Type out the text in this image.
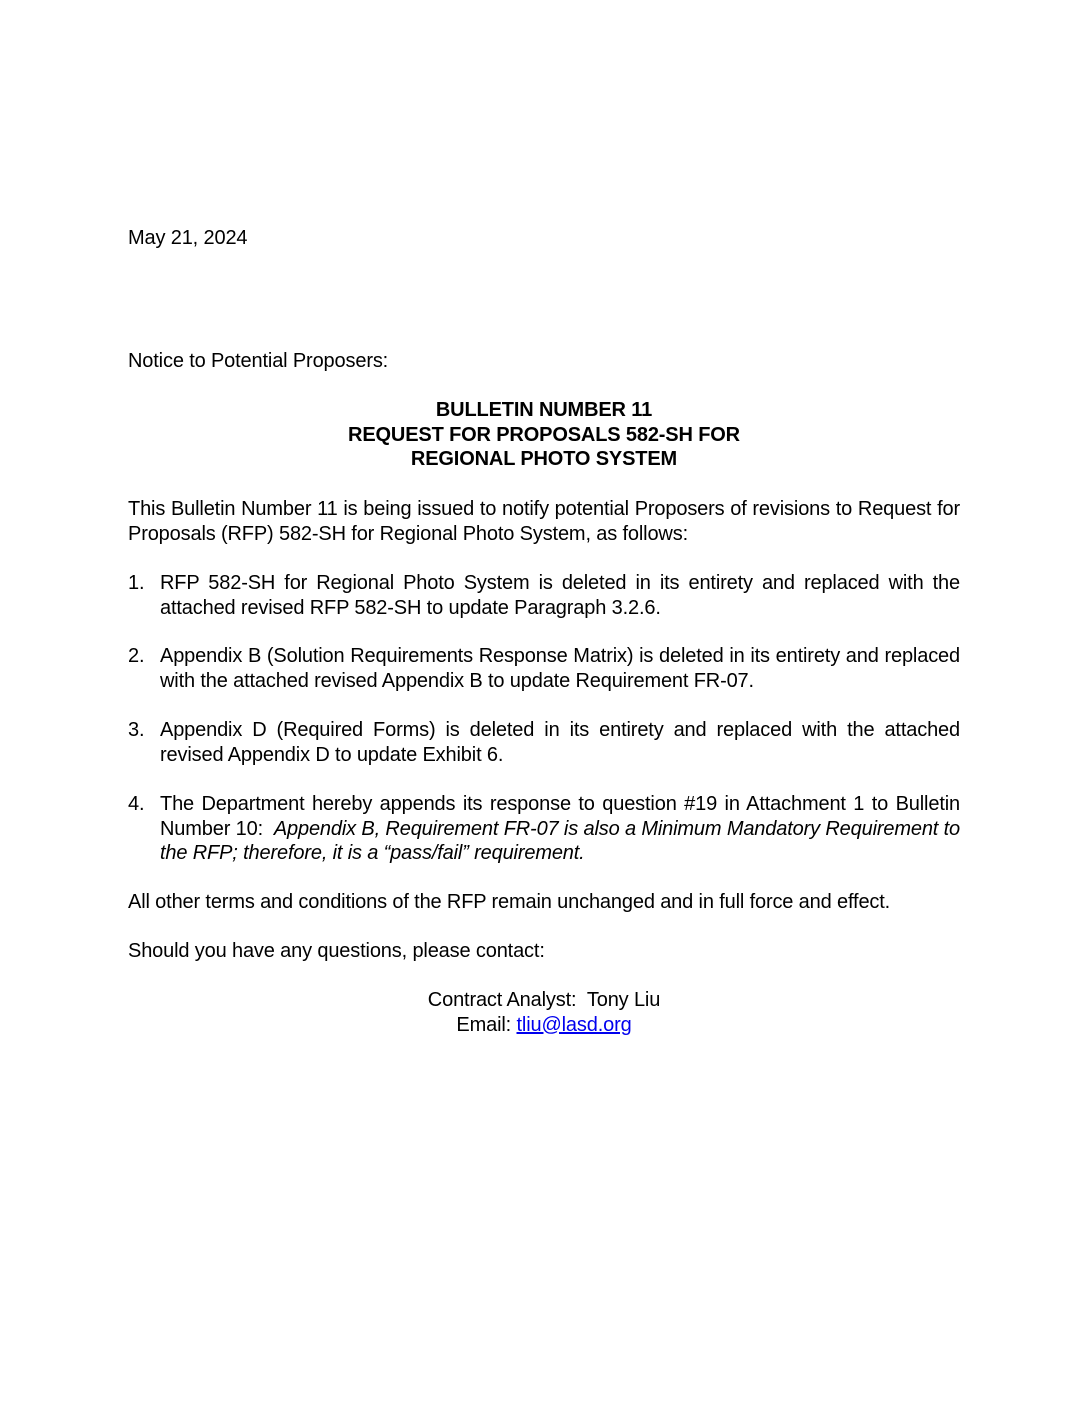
May 21, 2024
Notice to Potential Proposers:
BULLETIN NUMBER 11
REQUEST FOR PROPOSALS 582-SH FOR
REGIONAL PHOTO SYSTEM
This Bulletin Number 11 is being issued to notify potential Proposers of revisions to Request for Proposals (RFP) 582-SH for Regional Photo System, as follows:
1. RFP 582-SH for Regional Photo System is deleted in its entirety and replaced with the attached revised RFP 582-SH to update Paragraph 3.2.6.
2. Appendix B (Solution Requirements Response Matrix) is deleted in its entirety and replaced with the attached revised Appendix B to update Requirement FR-07.
3. Appendix D (Required Forms) is deleted in its entirety and replaced with the attached revised Appendix D to update Exhibit 6.
4. The Department hereby appends its response to question #19 in Attachment 1 to Bulletin Number 10: Appendix B, Requirement FR-07 is also a Minimum Mandatory Requirement to the RFP; therefore, it is a “pass/fail” requirement.
All other terms and conditions of the RFP remain unchanged and in full force and effect.
Should you have any questions, please contact:
Contract Analyst: Tony Liu
Email: tliu@lasd.org
